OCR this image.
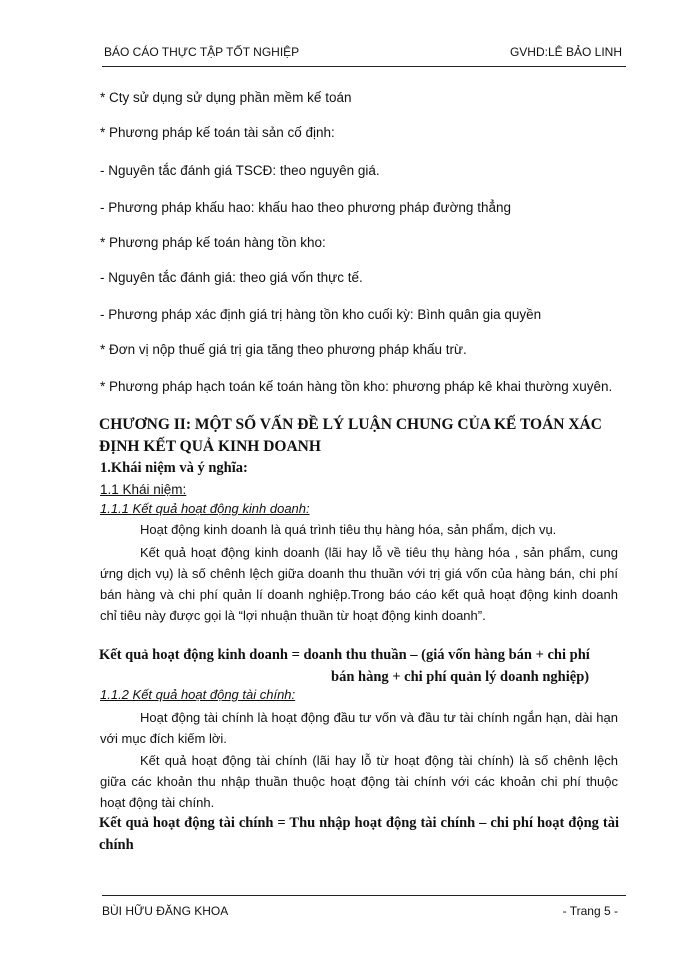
BÁO CÁO THỰC TẬP TỐT NGHIỆP	GVHD:LÊ BẢO LINH
* Cty sử dụng sử dụng phần mềm kế toán
* Phương pháp kế toán tài sản cố định:
- Nguyên tắc đánh giá TSCĐ: theo nguyên giá.
- Phương pháp khấu hao: khấu hao theo phương pháp đường thẳng
* Phương pháp kế toán hàng tồn kho:
- Nguyên tắc đánh giá: theo giá vốn thực tế.
- Phương pháp xác định giá trị hàng tồn kho cuối kỳ: Bình quân gia quyền
* Đơn vị nộp thuế giá trị gia tăng theo phương pháp khấu trừ.
* Phương pháp hạch toán kế toán hàng tồn kho: phương pháp kê khai thường xuyên.
CHƯƠNG II: MỘT SỐ VẤN ĐỀ LÝ LUẬN CHUNG CỦA KẾ TOÁN XÁC
ĐỊNH KẾT QUẢ KINH DOANH
1.Khái niệm và ý nghĩa:
1.1 Khái niệm:
1.1.1 Kết quả hoạt động kinh doanh:
Hoạt động kinh doanh là quá trình tiêu thụ hàng hóa, sản phẩm, dịch vụ.
Kết quả hoạt động kinh doanh (lãi hay lỗ về tiêu thụ hàng hóa , sản phẩm, cung ứng dịch vụ) là số chênh lệch giữa doanh thu thuần với trị giá vốn của hàng bán, chi phí bán hàng và chi phí quản lí doanh nghiệp.Trong báo cáo kết quả hoạt động kinh doanh chỉ tiêu này được gọi là “lợi nhuận thuần từ hoạt động kinh doanh”.
Kết quả hoạt động kinh doanh = doanh thu thuần – (giá vốn hàng bán + chi phí
bán hàng + chi phí quản lý doanh nghiệp)
1.1.2 Kết quả hoạt động tài chính:
Hoạt động tài chính là hoạt động đầu tư vốn và đầu tư tài chính ngắn hạn, dài hạn với mục đích kiếm lời.
Kết quả hoạt động tài chính (lãi hay lỗ từ hoạt động tài chính) là số chênh lệch giữa các khoản thu nhập thuần thuộc hoạt động tài chính với các khoản chi phí thuộc hoạt động tài chính.
Kết quả hoạt động tài chính = Thu nhập hoạt động tài chính – chi phí hoạt động tài chính
BÙI HỮU ĐĂNG KHOA	- Trang 5 -
